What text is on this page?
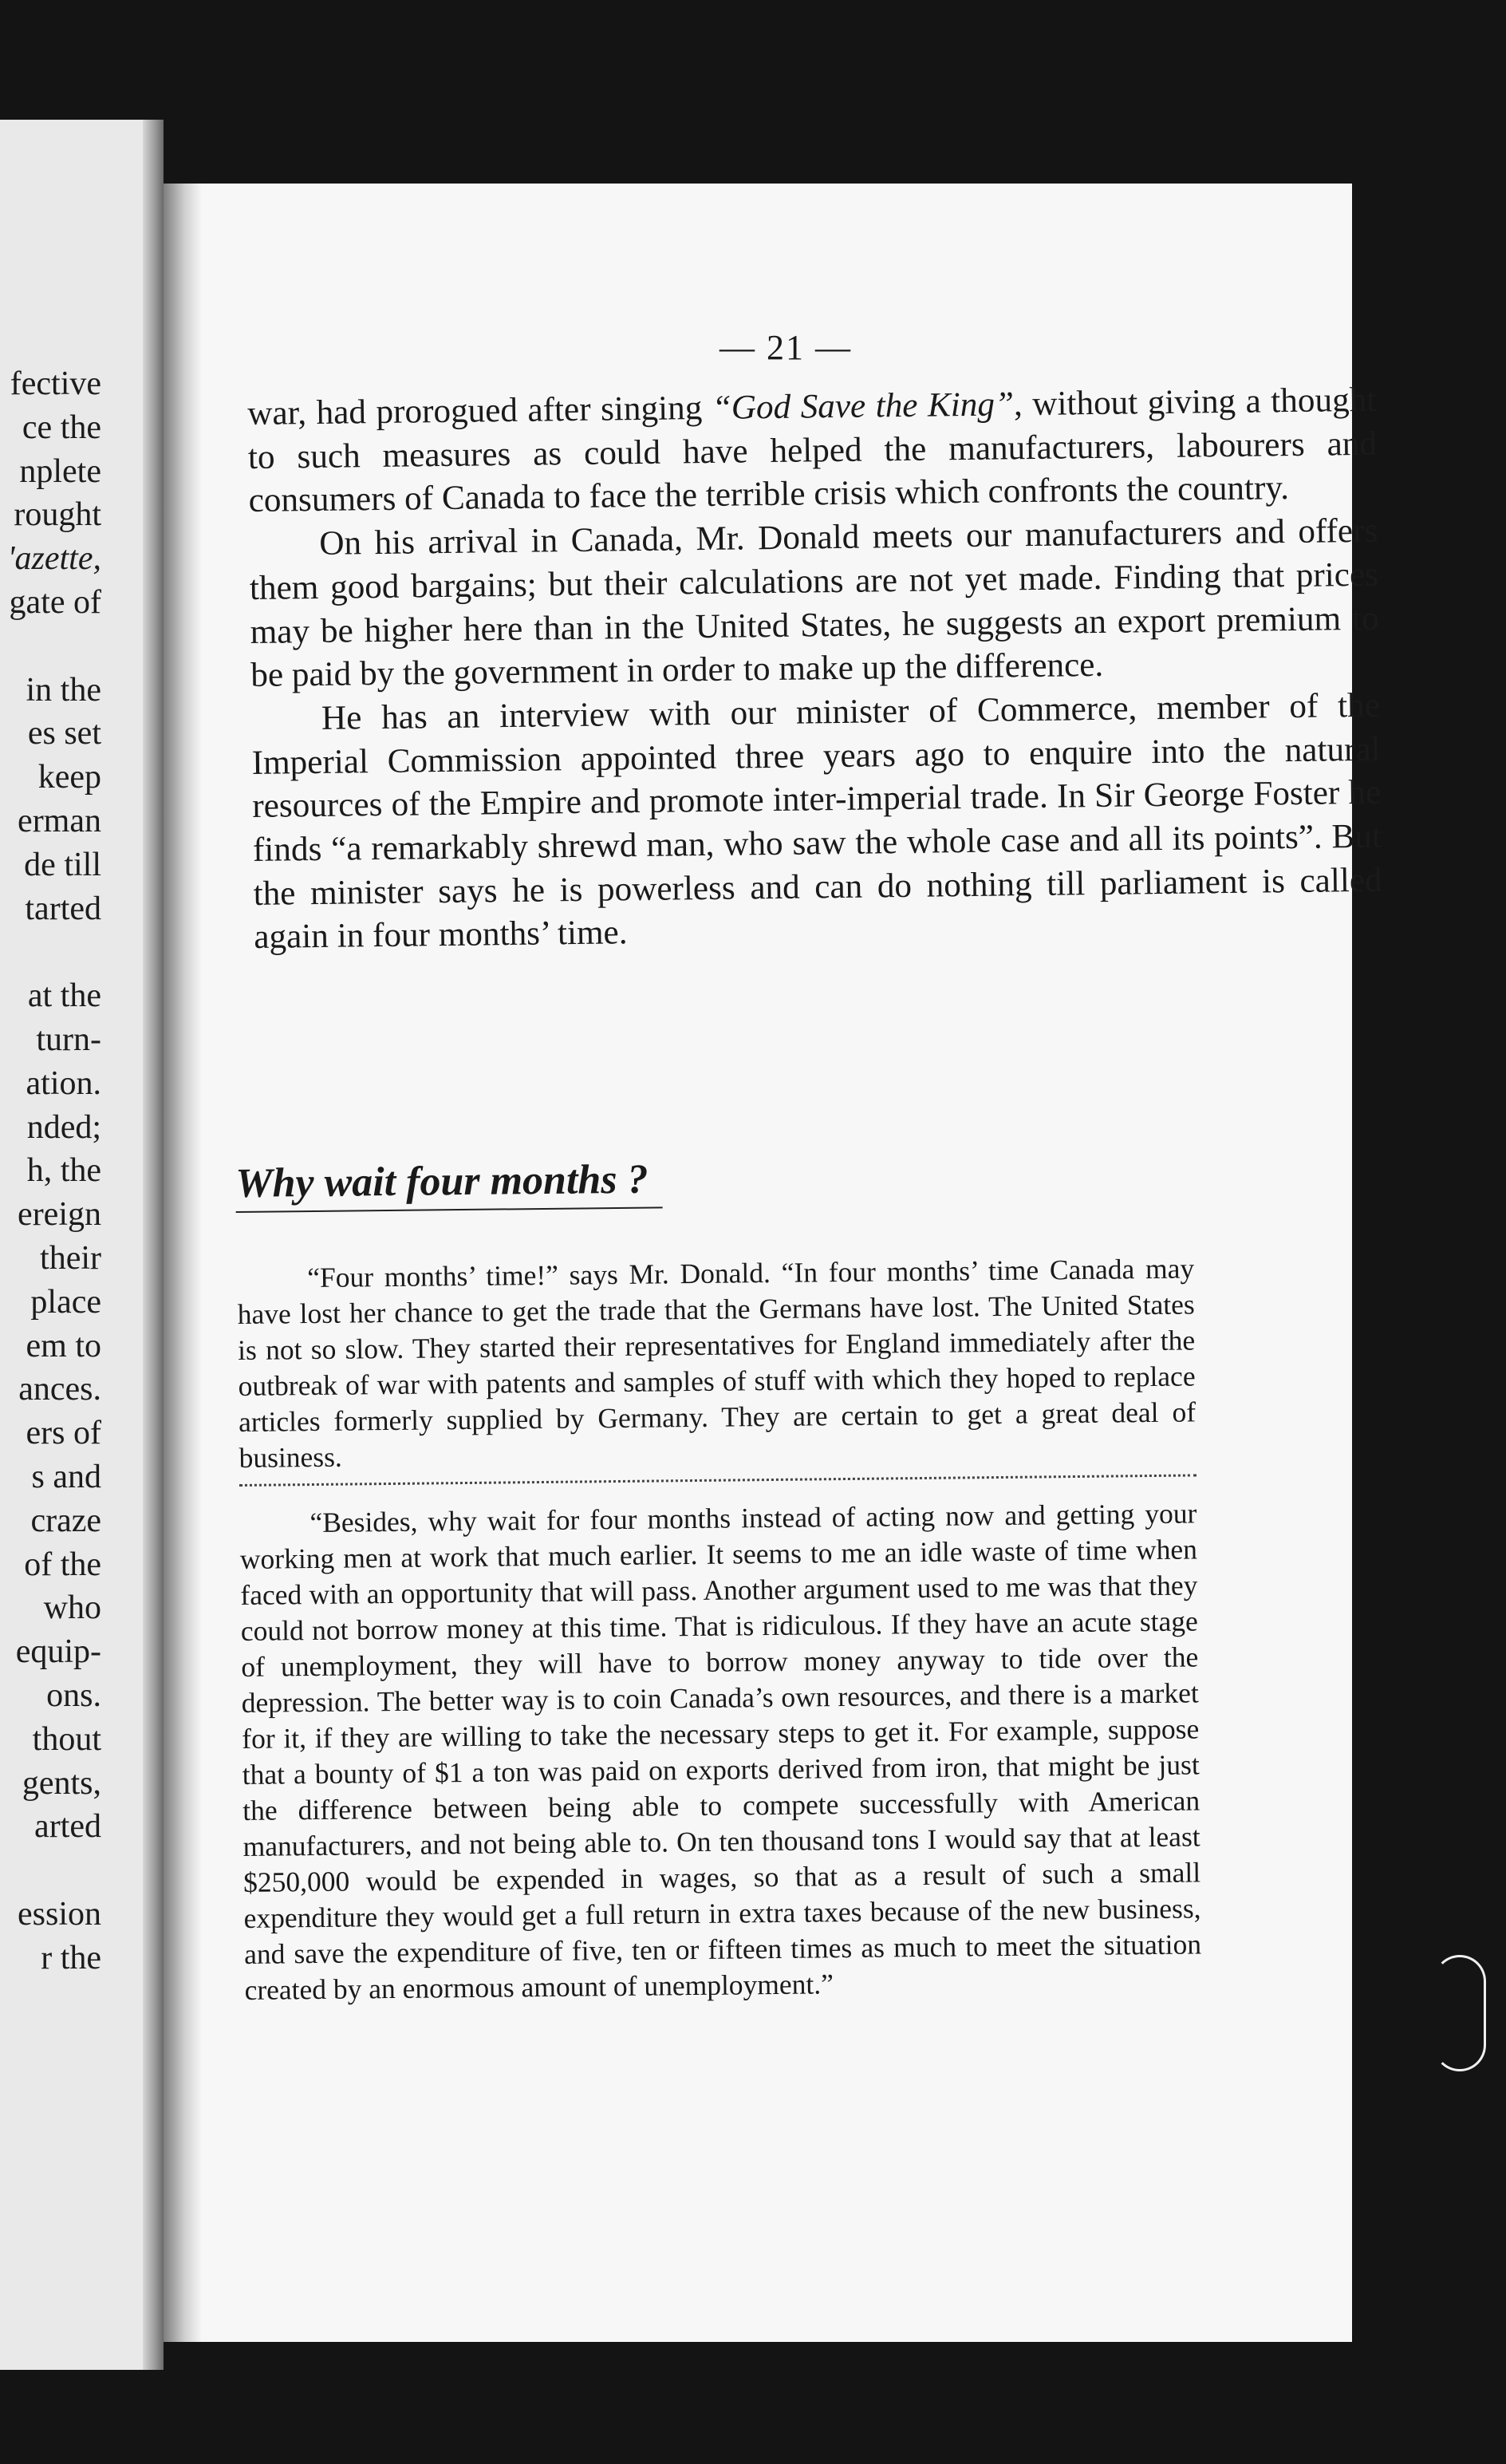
fective
ce the
nplete
rought
'azette,
gate of
in the
es set
keep
erman
de till
tarted
at the
turn-
ation.
nded;
h, the
ereign
their
place
em to
ances.
ers of
s and
craze
of the
who
equip-
ons.
thout
gents,
arted
ession
r the
— 21 —

war, had prorogued after singing “God Save the King”, without giving a thought to such measures as could have helped the manufacturers, labourers and consumers of Canada to face the terrible crisis which confronts the country.

On his arrival in Canada, Mr. Donald meets our manufacturers and offers them good bargains; but their calculations are not yet made. Finding that prices may be higher here than in the United States, he suggests an export premium to be paid by the government in order to make up the difference.

He has an interview with our minister of Commerce, member of the Imperial Commission appointed three years ago to enquire into the natural resources of the Empire and promote inter-imperial trade. In Sir George Foster he finds “a remarkably shrewd man, who saw the whole case and all its points”. But the minister says he is powerless and can do nothing till parliament is called again in four months’ time.

Why wait four months ?

“Four months’ time!” says Mr. Donald. “In four months’ time Canada may have lost her chance to get the trade that the Germans have lost. The United States is not so slow. They started their representatives for England immediately after the outbreak of war with patents and samples of stuff with which they hoped to replace articles formerly supplied by Germany. They are certain to get a great deal of business.

“Besides, why wait for four months instead of acting now and getting your working men at work that much earlier. It seems to me an idle waste of time when faced with an opportunity that will pass. Another argument used to me was that they could not borrow money at this time. That is ridiculous. If they have an acute stage of unemployment, they will have to borrow money anyway to tide over the depression. The better way is to coin Canada’s own resources, and there is a market for it, if they are willing to take the necessary steps to get it. For example, suppose that a bounty of $1 a ton was paid on exports derived from iron, that might be just the difference between being able to compete successfully with American manufacturers, and not being able to. On ten thousand tons I would say that at least $250,000 would be expended in wages, so that as a result of such a small expenditure they would get a full return in extra taxes because of the new business, and save the expenditure of five, ten or fifteen times as much to meet the situation created by an enormous amount of unemployment.”
